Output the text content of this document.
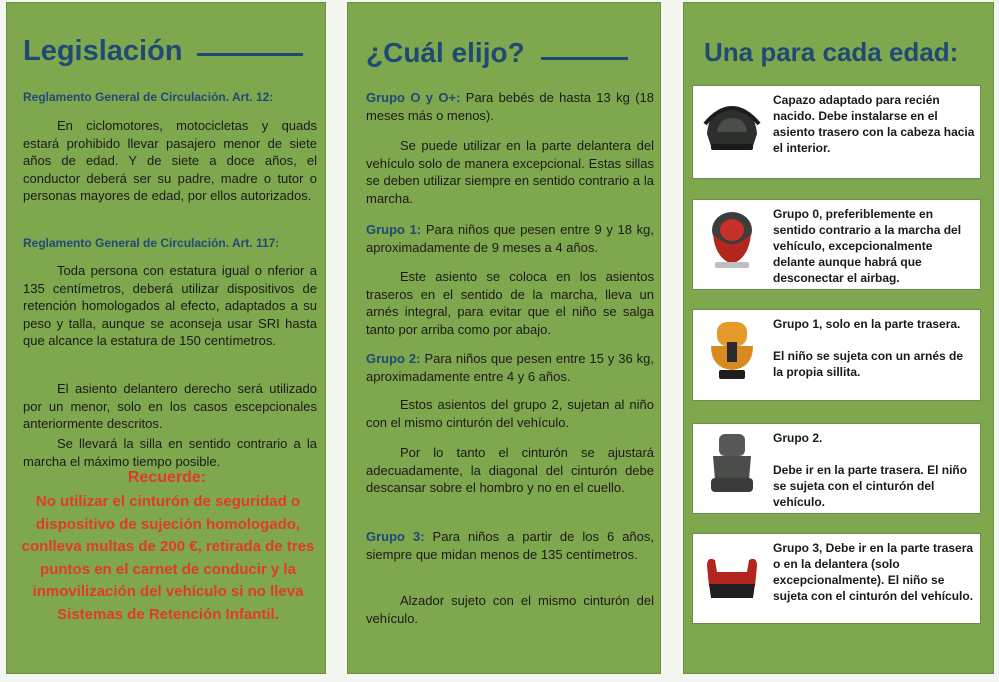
Legislación
Reglamento General de Circulación. Art. 12:

En ciclomotores, motocicletas y quads estará prohibido llevar pasajero menor de siete años de edad. Y de siete a doce años, el conductor deberá ser su padre, madre o tutor o personas mayores de edad, por ellos autorizados.

Reglamento General de Circulación. Art. 117:

Toda persona con estatura igual o nferior a 135 centímetros, deberá utilizar dispositivos de retención homologados al efecto, adaptados a su peso y talla, aunque se aconseja usar SRI hasta que alcance la estatura de 150 centímetros.

El asiento delantero derecho será utilizado por un menor, solo en los casos escepcionales anteriormente descritos.

Se llevará la silla en sentido contrario a la marcha el máximo tiempo posible.

Recuerde:

No utilizar el cinturón de seguridad o dispositivo de sujeción homologado, conlleva multas de 200 €, retirada de tres puntos en el carnet de conducir y la inmovilización del vehículo si no lleva Sistemas de Retención Infantil.

¿Cuál elijo?

Grupo O y O+: Para bebés de hasta 13 kg (18 meses más o menos).

Se puede utilizar en la parte delantera del vehículo solo de manera excepcional. Estas sillas se deben utilizar siempre en sentido contrario a la marcha.

Grupo 1: Para niños que pesen entre 9 y 18 kg, aproximadamente de 9 meses a 4 años.

Este asiento se coloca en los asientos traseros en el sentido de la marcha, lleva un arnés integral, para evitar que el niño se salga tanto por arriba como por abajo.

Grupo 2: Para niños que pesen entre 15 y 36 kg, aproximadamente entre 4 y 6 años.

Estos asientos del grupo 2, sujetan al niño con el mismo cinturón del vehículo.

Por lo tanto el cinturón se ajustará adecuadamente, la diagonal del cinturón debe descansar sobre el hombro y no en el cuello.

Grupo 3: Para niños a partir de los 6 años, siempre que midan menos de 135 centímetros.

Alzador sujeto con el mismo cinturón del vehículo.

Una para cada edad:

Capazo adaptado para recién nacido. Debe instalarse en el asiento trasero con la cabeza hacia el interior.

Grupo 0, preferiblemente en sentido contrario a la marcha del vehículo, excepcionalmente delante aunque habrá que desconectar el airbag.

Grupo 1, solo en la parte trasera.

El niño se sujeta con un arnés de la propia sillita.

Grupo 2.

Debe ir en la parte trasera. El niño se sujeta con el cinturón del vehículo.

Grupo 3, Debe ir en la parte trasera o en la delantera (solo excepcionalmente). El niño se sujeta con el cinturón del vehículo.
